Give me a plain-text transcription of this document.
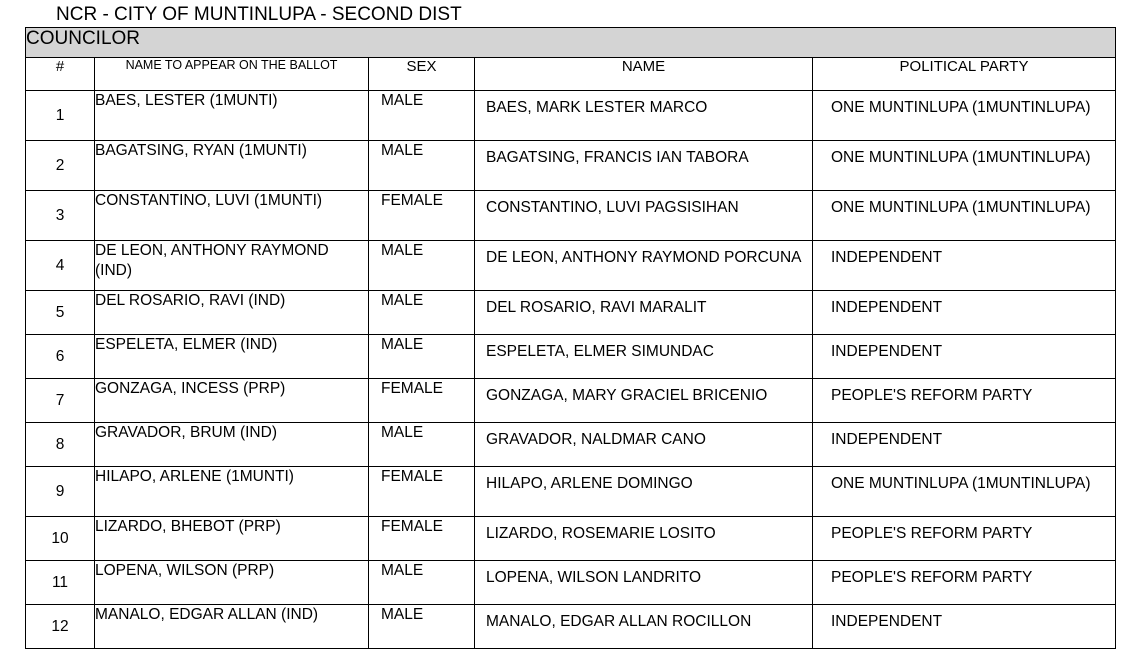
NCR - CITY OF MUNTINLUPA - SECOND DIST
COUNCILOR				
#	NAME TO APPEAR ON THE BALLOT	SEX	NAME	POLITICAL PARTY
1	BAES, LESTER (1MUNTI)	MALE	BAES, MARK LESTER MARCO	ONE MUNTINLUPA (1MUNTINLUPA)
2	BAGATSING, RYAN (1MUNTI)	MALE	BAGATSING, FRANCIS IAN TABORA	ONE MUNTINLUPA (1MUNTINLUPA)
3	CONSTANTINO, LUVI (1MUNTI)	FEMALE	CONSTANTINO, LUVI PAGSISIHAN	ONE MUNTINLUPA (1MUNTINLUPA)
4	DE LEON, ANTHONY RAYMOND (IND)	MALE	DE LEON, ANTHONY RAYMOND PORCUNA	INDEPENDENT
5	DEL ROSARIO, RAVI (IND)	MALE	DEL ROSARIO, RAVI MARALIT	INDEPENDENT
6	ESPELETA, ELMER (IND)	MALE	ESPELETA, ELMER SIMUNDAC	INDEPENDENT
7	GONZAGA, INCESS (PRP)	FEMALE	GONZAGA, MARY GRACIEL BRICENIO	PEOPLE'S REFORM PARTY
8	GRAVADOR, BRUM (IND)	MALE	GRAVADOR, NALDMAR CANO	INDEPENDENT
9	HILAPO, ARLENE (1MUNTI)	FEMALE	HILAPO, ARLENE DOMINGO	ONE MUNTINLUPA (1MUNTINLUPA)
10	LIZARDO, BHEBOT (PRP)	FEMALE	LIZARDO, ROSEMARIE LOSITO	PEOPLE'S REFORM PARTY
11	LOPENA, WILSON (PRP)	MALE	LOPENA, WILSON LANDRITO	PEOPLE'S REFORM PARTY
12	MANALO, EDGAR ALLAN (IND)	MALE	MANALO, EDGAR ALLAN ROCILLON	INDEPENDENT
